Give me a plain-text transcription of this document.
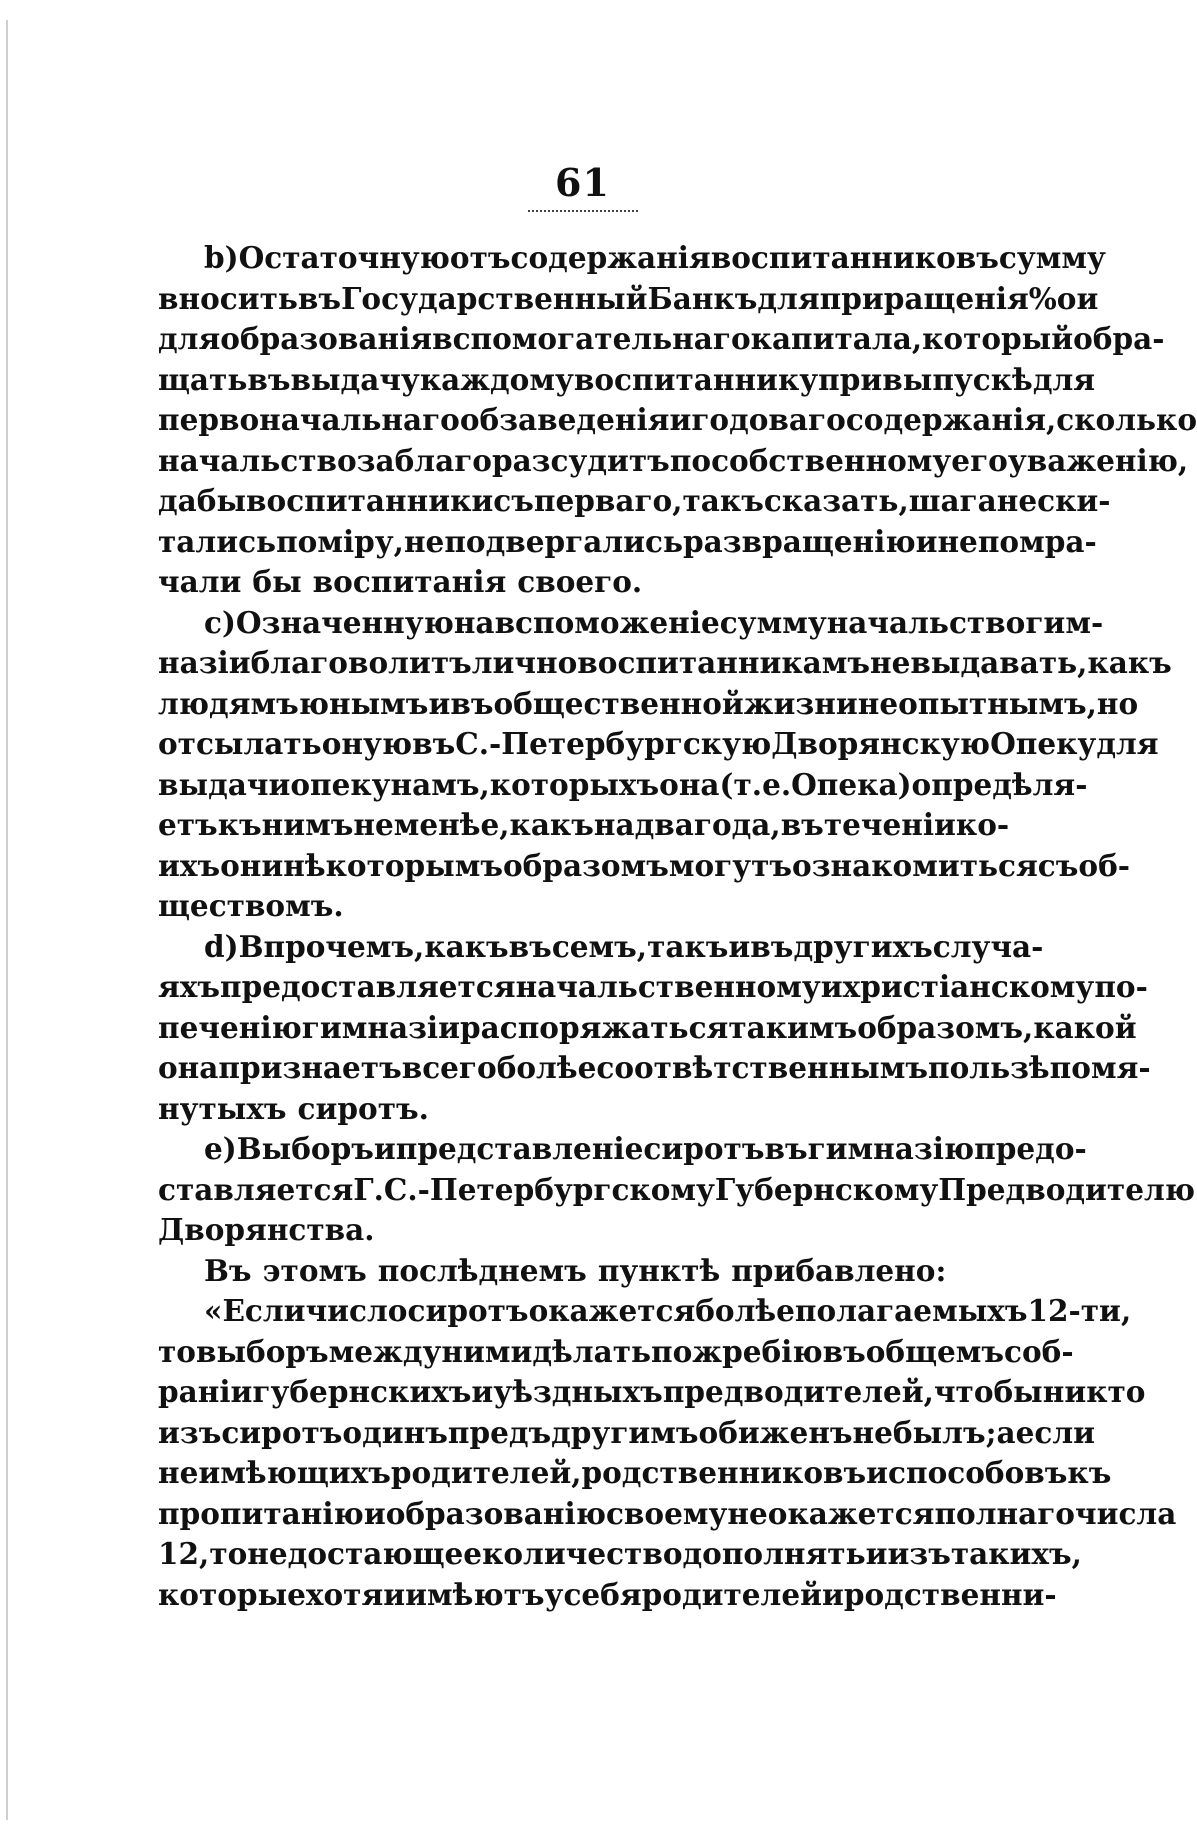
61
b) Остаточную отъ содержанія воспитанниковъ сумму
вносить въ Государственный Банкъ для приращенія %о и
для образованія вспомогательнаго капитала, который обра-
щать въ выдачу каждому воспитаннику при выпускѣ для
первоначальнаго обзаведенія и годоваго содержанія, сколько
начальство заблагоразсудитъ по собственному его уваженію,
дабы воспитанники съ перваго, такъ сказать, шага не ски-
тались по міру, не подвергались развращенію и не помра-
чали бы воспитанія своего.
c) Означенную на вспоможеніе сумму начальство гим-
назіи благоволитъ лично воспитанникамъ не выдавать, какъ
людямъ юнымъ и въ общественной жизни неопытнымъ, но
отсылать оную въ С.-Петербургскую Дворянскую Опеку для
выдачи опекунамъ, которыхъ она (т. е. Опека) опредѣля-
етъ къ нимъ не менѣе, какъ на два года, въ теченіи ко-
ихъ они нѣкоторымъ образомъ могутъ ознакомиться съ об-
ществомъ.
d) Впрочемъ, какъ въ семъ, такъ и въ другихъ случа-
яхъ предоставляется начальственному и христіанскому по-
печенію гимназіи распоряжаться такимъ образомъ, какой
она признаетъ всего болѣе соотвѣтственнымъ пользѣ помя-
нутыхъ сиротъ.
e) Выборъ и представленіе сиротъ въ гимназію предо-
ставляется Г. С.-Петербургскому Губернскому Предводителю
Дворянства.
Въ этомъ послѣднемъ пунктѣ прибавлено:
«Если число сиротъ окажется болѣе полагаемыхъ 12-ти,
то выборъ между ними дѣлать по жребію въ общемъ соб-
раніи губернскихъ и уѣздныхъ предводителей, чтобы никто
изъ сиротъ одинъ предъ другимъ обиженъ не былъ; а если
неимѣющихъ родителей, родственниковъ и способовъ къ
пропитанію и образованію своему не окажется полнаго числа
12, то недостающее количество дополнять и изъ такихъ,
которые хотя и имѣютъ у себя родителей и родственни-
